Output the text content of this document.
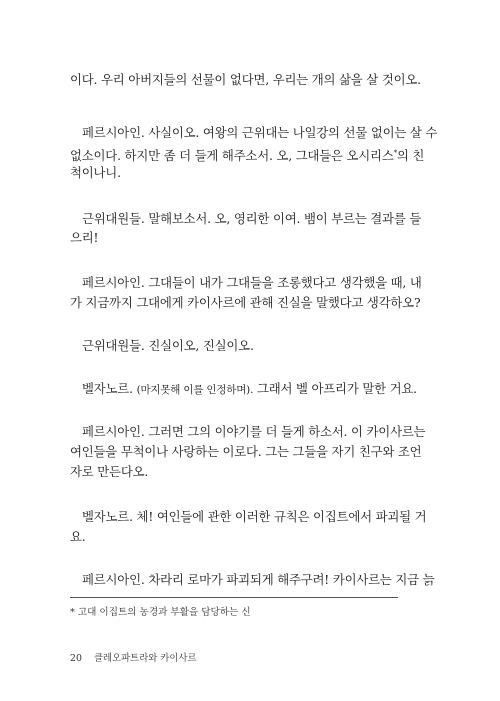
이다. 우리 아버지들의 선물이 없다면, 우리는 개의 삶을 살 것이오.
페르시아인. 사실이오. 여왕의 근위대는 나일강의 선물 없이는 살 수
없소이다. 하지만 좀 더 들게 해주소서. 오, 그대들은 오시리스*의 친
척이나니.
근위대원들. 말해보소서. 오, 영리한 이여. 뱀이 부르는 결과를 들
으리!
페르시아인. 그대들이 내가 그대들을 조롱했다고 생각했을 때, 내
가 지금까지 그대에게 카이사르에 관해 진실을 말했다고 생각하오?
근위대원들. 진실이오, 진실이오.
벨자노르. (마지못해 이를 인정하며). 그래서 벨 아프리가 말한 거요.
페르시아인. 그러면 그의 이야기를 더 들게 하소서. 이 카이사르는
여인들을 무척이나 사랑하는 이로다. 그는 그들을 자기 친구와 조언
자로 만든다오.
벨자노르. 체! 여인들에 관한 이러한 규칙은 이집트에서 파괴될 거
요.
페르시아인. 차라리 로마가 파괴되게 해주구려! 카이사르는 지금 늙
* 고대 이집트의 농경과 부활을 담당하는 신
20 클레오파트라와 카이사르
